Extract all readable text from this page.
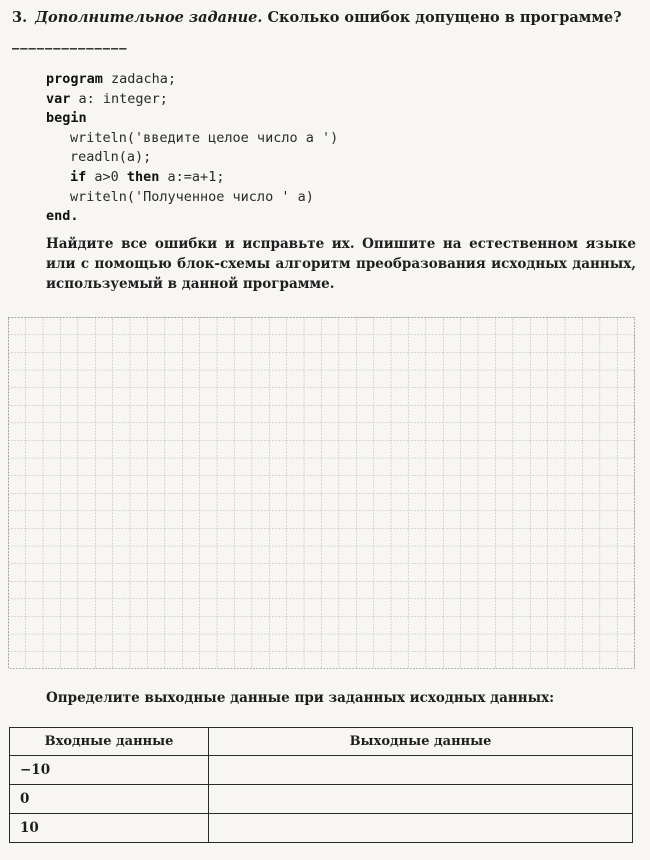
3. Дополнительное задание. Сколько ошибок допущено в программе? ______________
program zadacha;
var a: integer;
begin
writeln('введите целое число a ')
readln(a);
if a>0 then a:=a+1;
writeln('Полученное число ' a)
end.
Найдите все ошибки и исправьте их. Опишите на естественном языке или с помощью блок-схемы алгоритм преобразования исходных данных, используемый в данной программе.
Определите выходные данные при заданных исходных данных:
Входные данные	Выходные данные
−10	
0	
10	
